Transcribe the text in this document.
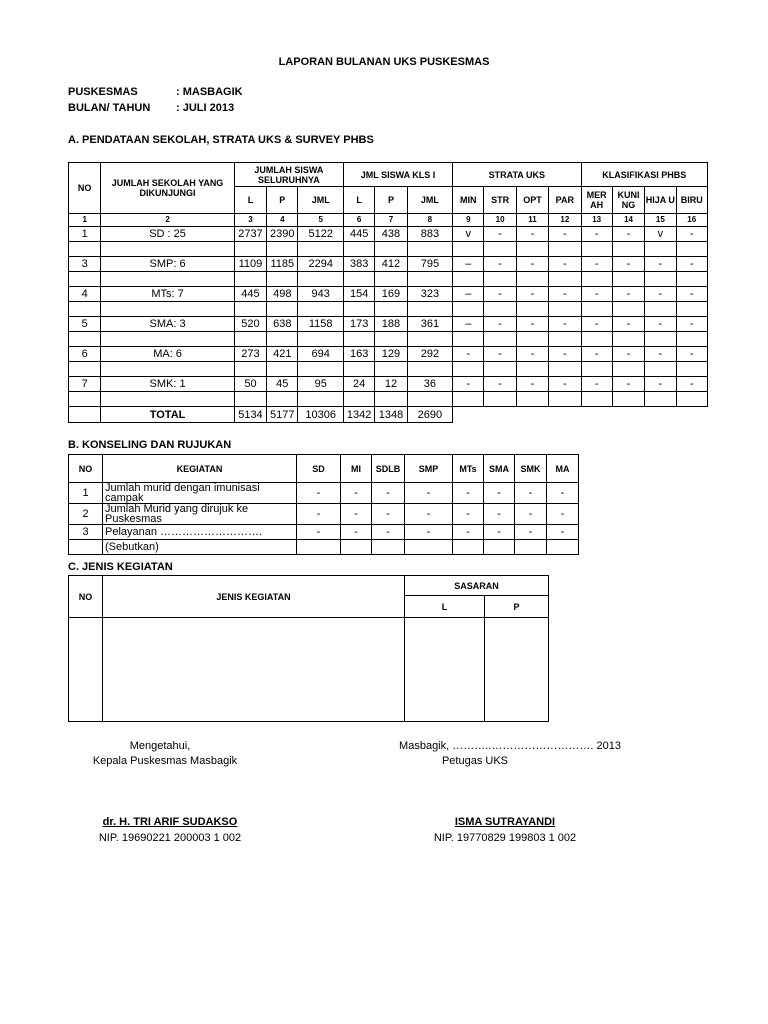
LAPORAN BULANAN UKS PUSKESMAS
PUSKESMAS	: MASBAGIK
BULAN/ TAHUN : JULI 2013
A. PENDATAAN SEKOLAH, STRATA UKS & SURVEY PHBS
NO	JUMLAH SEKOLAH YANG DIKUNJUNGI	JUMLAH SISWA SELURUHNYA			JML SISWA KLS I			STRATA UKS				KLASIFIKASI PHBS			
		L	P	JML	L	P	JML	MIN	STR	OPT	PAR	MER AH	KUNI NG	HIJA U	BIRU
1	2	3	4	5	6	7	8	9	10	11	12	13	14	15	16
1	SD : 25	2737	2390	5122	445	438	883	v	-	-	-	-	-	v	-

3	SMP: 6	1109	1185	2294	383	412	795	–	-	-	-	-	-	-	-

4	MTs: 7	445	498	943	154	169	323	–	-	-	-	-	-	-	-

5	SMA: 3	520	638	1158	173	188	361	–	-	-	-	-	-	-	-

6	MA: 6	273	421	694	163	129	292	-	-	-	-	-	-	-	-

7	SMK: 1	50	45	95	24	12	36	-	-	-	-	-	-	-	-

	TOTAL	5134	5177	10306	1342	1348	2690								
B. KONSELING DAN RUJUKAN
NO	KEGIATAN	SD	MI	SDLB	SMP	MTs	SMA	SMK	MA
1	Jumlah murid dengan imunisasi campak	-	-	-	-	-	-	-	-
2	Jumlah Murid yang dirujuk ke Puskesmas	-	-	-	-	-	-	-	-
3	Pelayanan ……………………….	-	-	-	-	-	-	-	-
	(Sebutkan)								
C. JENIS KEGIATAN
NO	JENIS KEGIATAN	SASARAN	
		L	P

Mengetahui,
Kepala Puskesmas Masbagik
dr. H. TRI ARIF SUDAKSO
NIP. 19690221 200003 1 002
Masbagik, ………..………………………. 2013
Petugas UKS
ISMA SUTRAYANDI
NIP. 19770829 199803 1 002
